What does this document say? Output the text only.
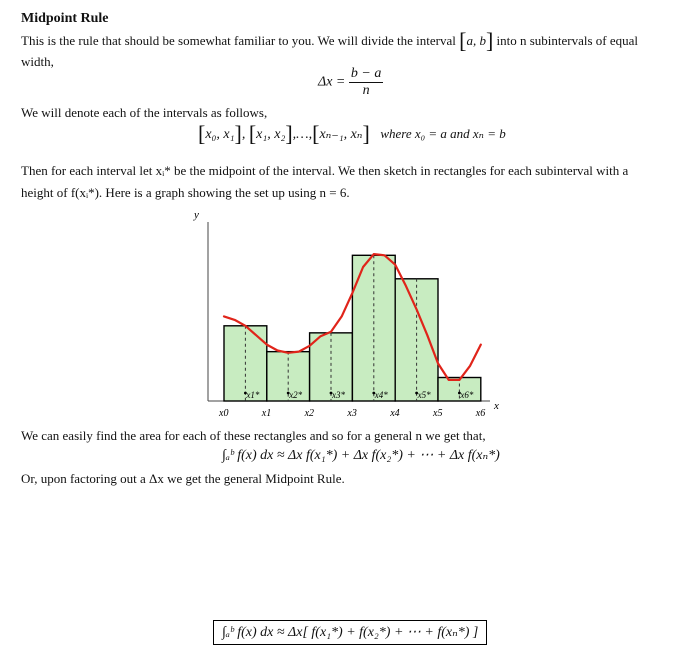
Midpoint Rule
This is the rule that should be somewhat familiar to you. We will divide the interval [a, b] into n subintervals of equal
width,
$\Delta x = \frac{b - a}{n}$
We will denote each of the intervals as follows,
[x₀, x₁], [x₁, x₂],…,[xₙ₋₁, xₙ] where x₀ = a and xₙ = b
Then for each interval let xᵢ* be the midpoint of the interval. We then sketch in rectangles for each subinterval with a
height of f(xᵢ*). Here is a graph showing the set up using n = 6.
y
x
x1*	x2*	x3*	x4*	x5*	x6*
x0	x1	x2	x3	x4	x5	x6
We can easily find the area for each of these rectangles and so for a general n we get that,
∫ₐᵇ f(x) dx ≈ Δx f(x₁*) + Δx f(x₂*) + ⋯ + Δx f(xₙ*)
Or, upon factoring out a Δx we get the general Midpoint Rule.
∫ₐᵇ f(x) dx ≈ Δx[ f(x₁*) + f(x₂*) + ⋯ + f(xₙ*) ]
